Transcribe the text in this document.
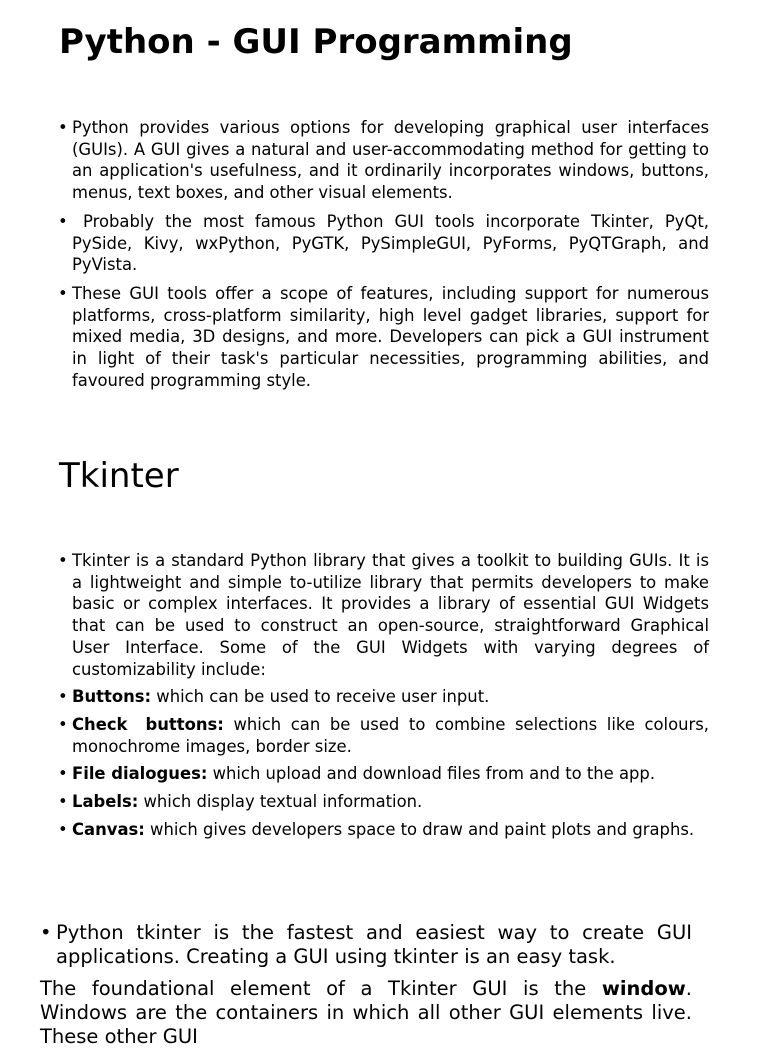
Python - GUI Programming
• Python provides various options for developing graphical user interfaces (GUIs). A GUI gives a natural and user-accommodating method for getting to an application's usefulness, and it ordinarily incorporates windows, buttons, menus, text boxes, and other visual elements.
•  Probably the most famous Python GUI tools incorporate Tkinter, PyQt, PySide, Kivy, wxPython, PyGTK, PySimpleGUI, PyForms, PyQTGraph, and PyVista.
• These GUI tools offer a scope of features, including support for numerous platforms, cross-platform similarity, high level gadget libraries, support for mixed media, 3D designs, and more. Developers can pick a GUI instrument in light of their task's particular necessities, programming abilities, and favoured programming style.
Tkinter
• Tkinter is a standard Python library that gives a toolkit to building GUIs. It is a lightweight and simple to-utilize library that permits developers to make basic or complex interfaces. It provides a library of essential GUI Widgets that can be used to construct an open-source, straightforward Graphical User Interface. Some of the GUI Widgets with varying degrees of customizability include:
• Buttons: which can be used to receive user input.
• Check buttons: which can be used to combine selections like colours, monochrome images, border size.
• File dialogues: which upload and download files from and to the app.
• Labels: which display textual information.
• Canvas: which gives developers space to draw and paint plots and graphs.

• Python tkinter is the fastest and easiest way to create GUI applications. Creating a GUI using tkinter is an easy task.

The foundational element of a Tkinter GUI is the window. Windows are the containers in which all other GUI elements live. These other GUI
